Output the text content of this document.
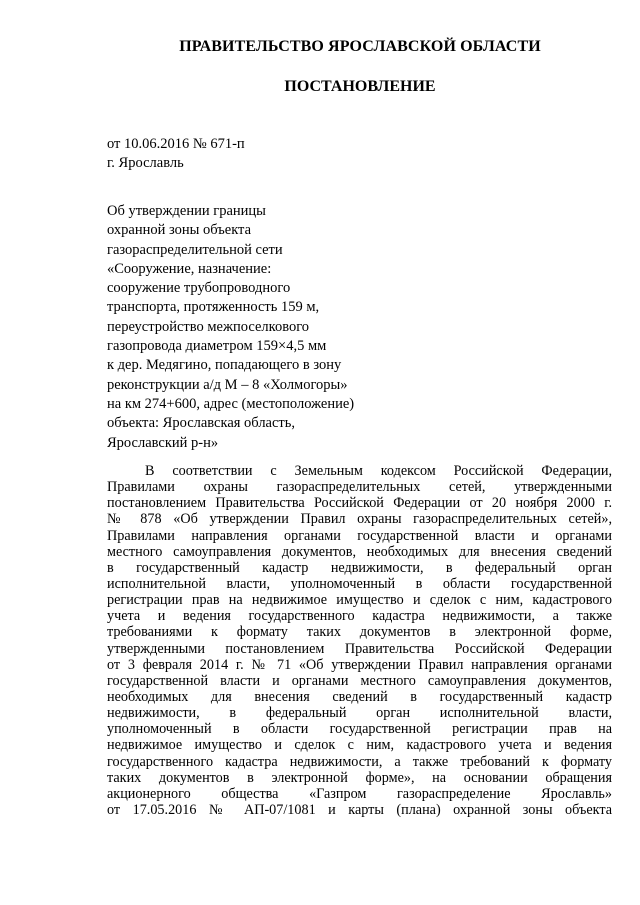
ПРАВИТЕЛЬСТВО ЯРОСЛАВСКОЙ ОБЛАСТИ
ПОСТАНОВЛЕНИЕ
от 10.06.2016 № 671-п
г. Ярославль
Об утверждении границы
охранной зоны объекта
газораспределительной сети
«Сооружение, назначение:
сооружение трубопроводного
транспорта, протяженность 159 м,
переустройство межпоселкового
газопровода диаметром 159×4,5 мм
к дер. Медягино, попадающего в зону
реконструкции а/д М – 8 «Холмогоры»
на км 274+600, адрес (местоположение)
объекта: Ярославская область,
Ярославский р-н»
В соответствии с Земельным кодексом Российской Федерации,
Правилами охраны газораспределительных сетей, утвержденными
постановлением Правительства Российской Федерации от 20 ноября 2000 г.
№ 878 «Об утверждении Правил охраны газораспределительных сетей»,
Правилами направления органами государственной власти и органами
местного самоуправления документов, необходимых для внесения сведений
в государственный кадастр недвижимости, в федеральный орган
исполнительной власти, уполномоченный в области государственной
регистрации прав на недвижимое имущество и сделок с ним, кадастрового
учета и ведения государственного кадастра недвижимости, а также
требованиями к формату таких документов в электронной форме,
утвержденными постановлением Правительства Российской Федерации
от 3 февраля 2014 г. № 71 «Об утверждении Правил направления органами
государственной власти и органами местного самоуправления документов,
необходимых для внесения сведений в государственный кадастр
недвижимости, в федеральный орган исполнительной власти,
уполномоченный в области государственной регистрации прав на
недвижимое имущество и сделок с ним, кадастрового учета и ведения
государственного кадастра недвижимости, а также требований к формату
таких документов в электронной форме», на основании обращения
акционерного общества «Газпром газораспределение Ярославль»
от 17.05.2016 № АП-07/1081 и карты (плана) охранной зоны объекта
